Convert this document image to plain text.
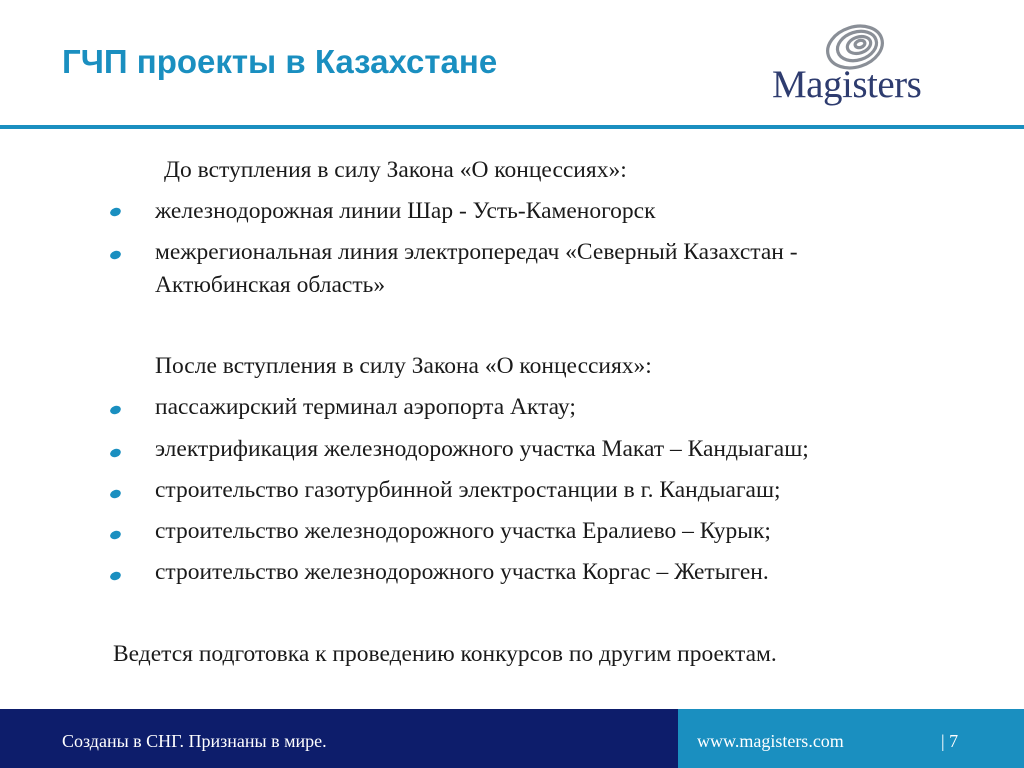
ГЧП проекты в Казахстане
Magisters
До вступления в силу Закона «О концессиях»:
железнодорожная линии Шар - Усть-Каменогорск
межрегиональная линия электропередач «Северный Казахстан -
Актюбинская область»
После вступления в силу Закона «О концессиях»:
пассажирский терминал аэропорта Актау;
электрификация железнодорожного участка Макат – Кандыагаш;
строительство газотурбинной электростанции в г. Кандыагаш;
строительство железнодорожного участка Ералиево – Курык;
строительство железнодорожного участка Коргас – Жетыген.
Ведется подготовка к проведению конкурсов по другим проектам.
Созданы в СНГ. Признаны в мире.	www.magisters.com	| 7
